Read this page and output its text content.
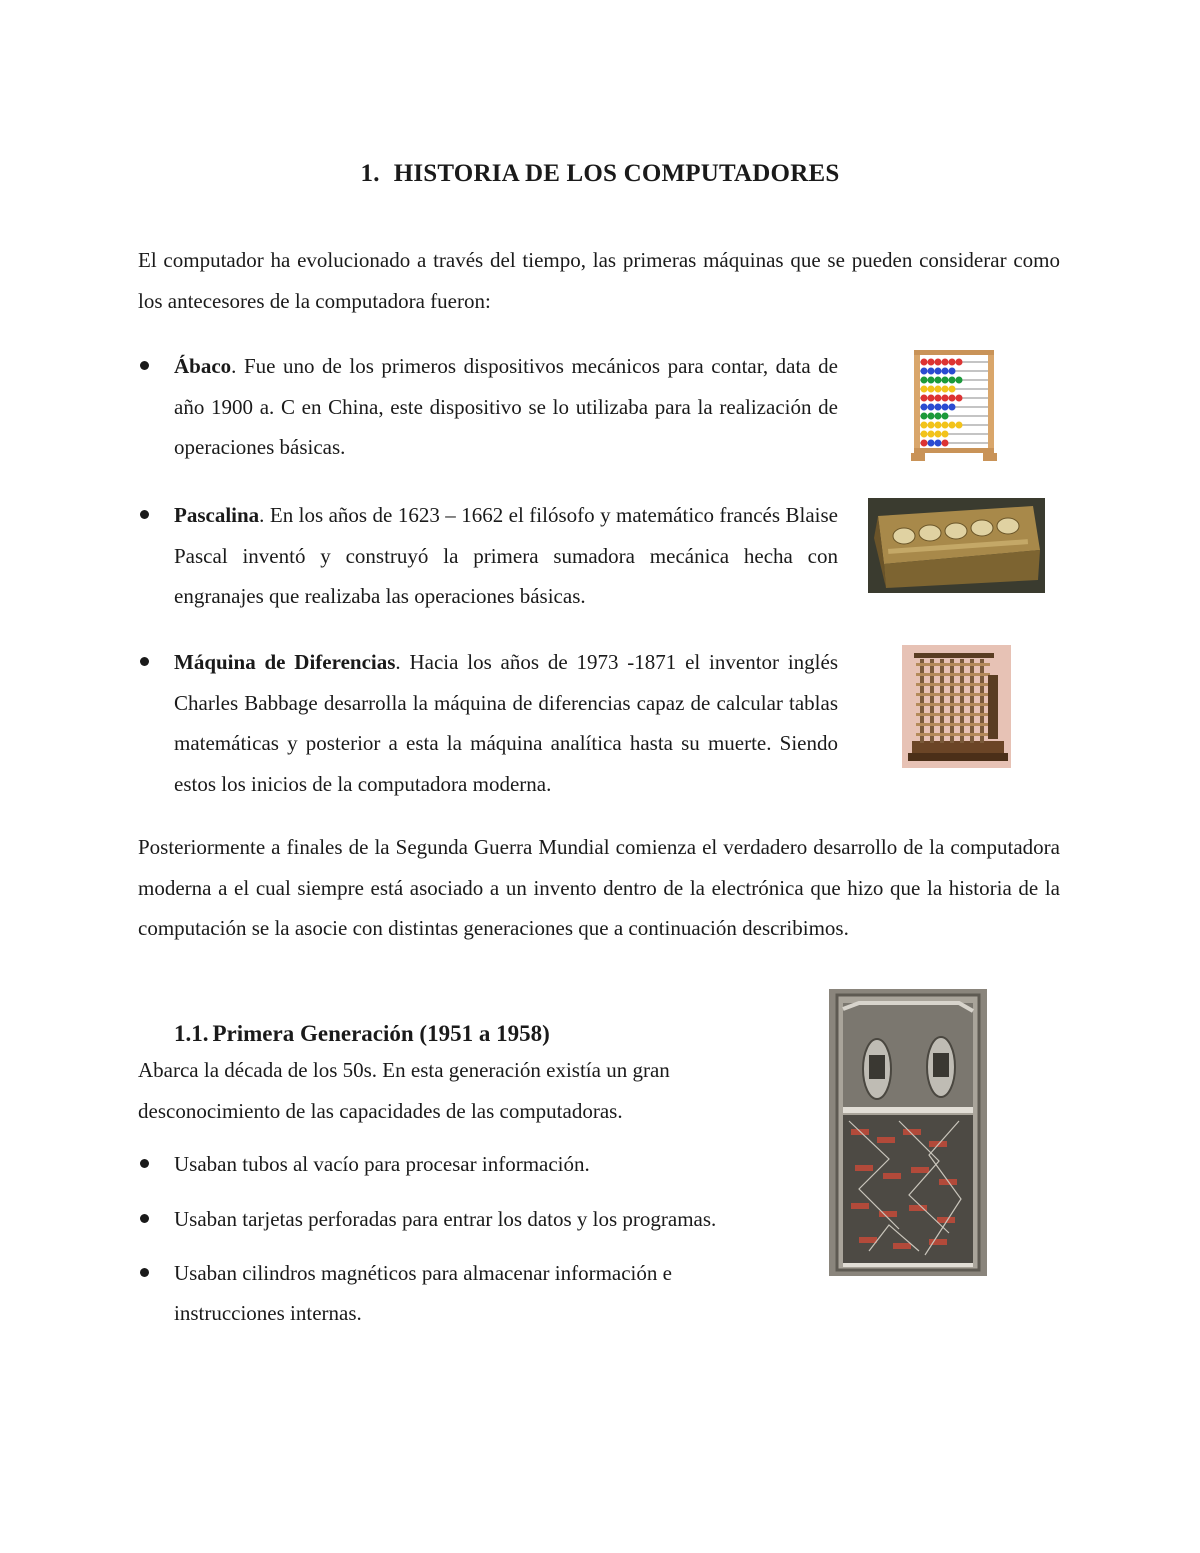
1. HISTORIA DE LOS COMPUTADORES

El computador ha evolucionado a través del tiempo, las primeras máquinas que se pueden considerar como los antecesores de la computadora fueron:

Ábaco. Fue uno de los primeros dispositivos mecánicos para contar, data de año 1900 a. C en China, este dispositivo se lo utilizaba para la realización de operaciones básicas.

Pascalina. En los años de 1623 – 1662 el filósofo y matemático francés Blaise Pascal inventó y construyó la primera sumadora mecánica hecha con engranajes que realizaba las operaciones básicas.

Máquina de Diferencias. Hacia los años de 1973 -1871 el inventor inglés Charles Babbage desarrolla la máquina de diferencias capaz de calcular tablas matemáticas y posterior a esta la máquina analítica hasta su muerte. Siendo estos los inicios de la computadora moderna.

Posteriormente a finales de la Segunda Guerra Mundial comienza el verdadero desarrollo de la computadora moderna a el cual siempre está asociado a un invento dentro de la electrónica que hizo que la historia de la computación se la asocie con distintas generaciones que a continuación describimos.

1.1. Primera Generación (1951 a 1958)

Abarca la década de los 50s. En esta generación existía un gran desconocimiento de las capacidades de las computadoras.

Usaban tubos al vacío para procesar información.

Usaban tarjetas perforadas para entrar los datos y los programas.

Usaban cilindros magnéticos para almacenar información e instrucciones internas.
